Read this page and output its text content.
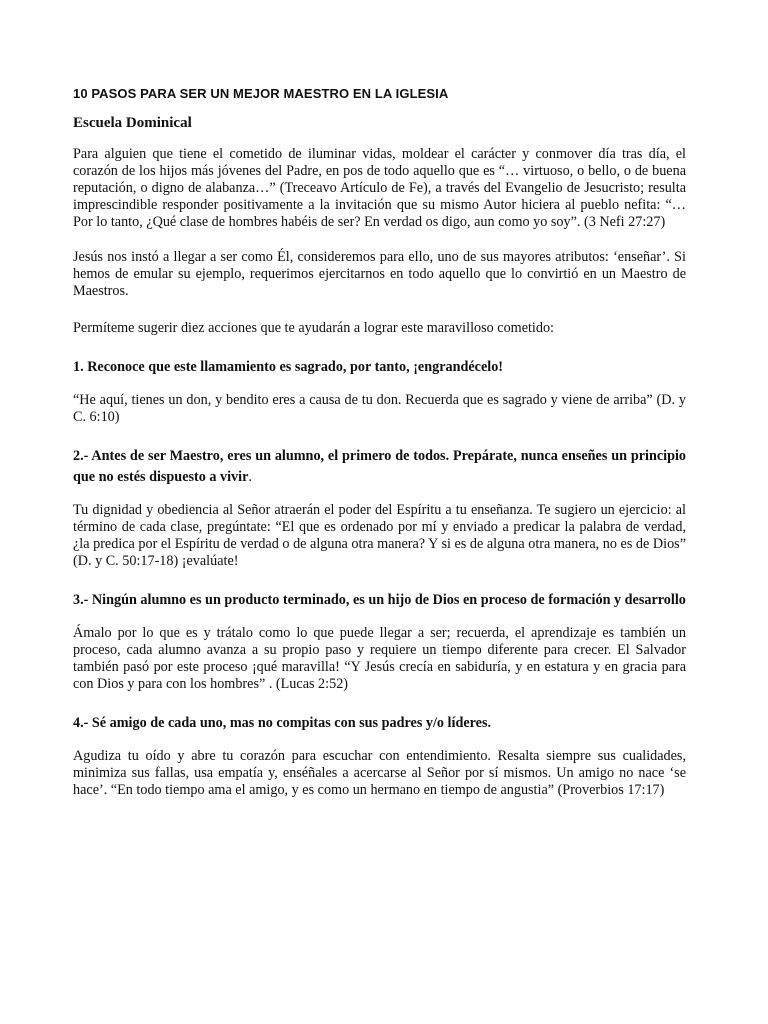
10 PASOS PARA SER UN MEJOR MAESTRO EN LA IGLESIA
Escuela Dominical

Para alguien que tiene el cometido de iluminar vidas, moldear el carácter y conmover día tras día, el corazón de los hijos más jóvenes del Padre, en pos de todo aquello que es “… virtuoso, o bello, o de buena reputación, o digno de alabanza…” (Treceavo Artículo de Fe), a través del Evangelio de Jesucristo; resulta imprescindible responder positivamente a la invitación que su mismo Autor hiciera al pueblo nefita: “… Por lo tanto, ¿Qué clase de hombres habéis de ser? En verdad os digo, aun como yo soy”. (3 Nefi 27:27)

Jesús nos instó a llegar a ser como Él, consideremos para ello, uno de sus mayores atributos: ‘enseñar’. Si hemos de emular su ejemplo, requerimos ejercitarnos en todo aquello que lo convirtió en un Maestro de Maestros.

Permíteme sugerir diez acciones que te ayudarán a lograr este maravilloso cometido:

1. Reconoce que este llamamiento es sagrado, por tanto, ¡engrandécelo!

“He aquí, tienes un don, y bendito eres a causa de tu don. Recuerda que es sagrado y viene de arriba” (D. y C. 6:10)

2.- Antes de ser Maestro, eres un alumno, el primero de todos. Prepárate, nunca enseñes un principio que no estés dispuesto a vivir.

Tu dignidad y obediencia al Señor atraerán el poder del Espíritu a tu enseñanza. Te sugiero un ejercicio: al término de cada clase, pregúntate: “El que es ordenado por mí y enviado a predicar la palabra de verdad, ¿la predica por el Espíritu de verdad o de alguna otra manera? Y si es de alguna otra manera, no es de Dios” (D. y C. 50:17-18) ¡evalúate!

3.- Ningún alumno es un producto terminado, es un hijo de Dios en proceso de formación y desarrollo

Ámalo por lo que es y trátalo como lo que puede llegar a ser; recuerda, el aprendizaje es también un proceso, cada alumno avanza a su propio paso y requiere un tiempo diferente para crecer. El Salvador también pasó por este proceso ¡qué maravilla! “Y Jesús crecía en sabiduría, y en estatura y en gracia para con Dios y para con los hombres” . (Lucas 2:52)

4.- Sé amigo de cada uno, mas no compitas con sus padres y/o líderes.

Agudiza tu oído y abre tu corazón para escuchar con entendimiento. Resalta siempre sus cualidades, minimiza sus fallas, usa empatía y, enséñales a acercarse al Señor por sí mismos. Un amigo no nace ‘se hace’. “En todo tiempo ama el amigo, y es como un hermano en tiempo de angustia” (Proverbios 17:17)
